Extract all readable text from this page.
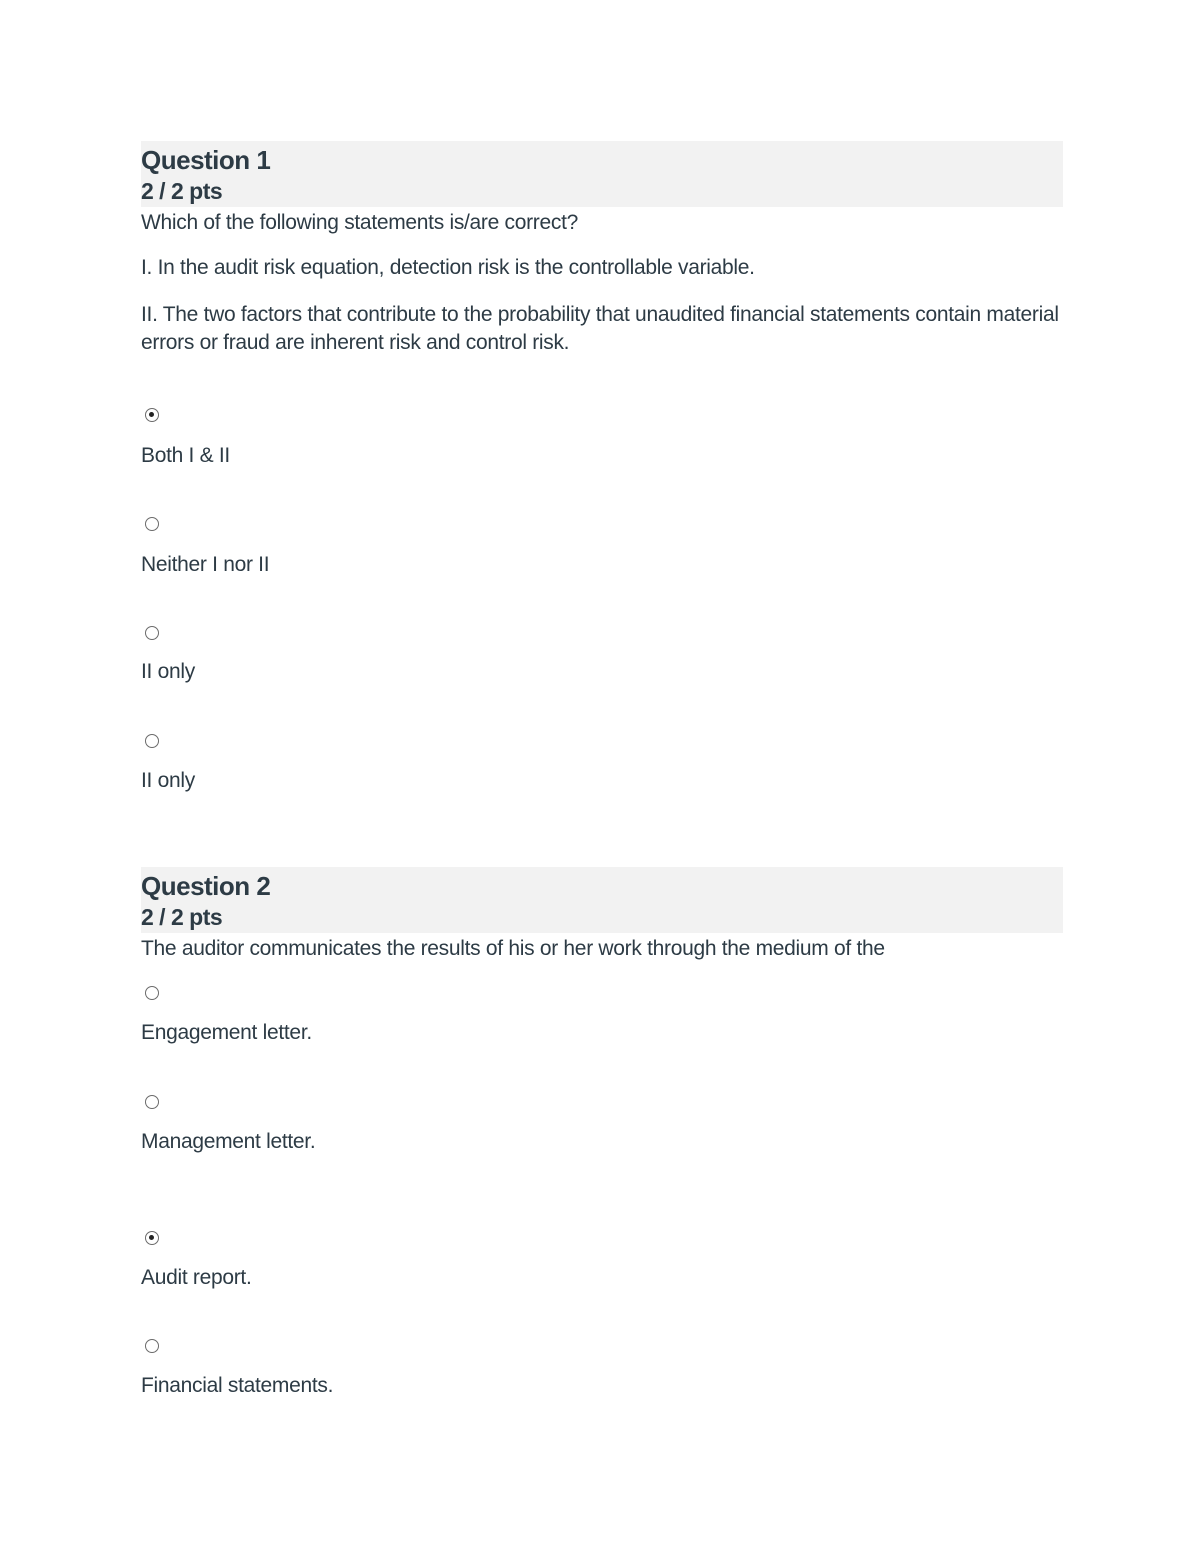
Question 1
2 / 2 pts
Which of the following statements is/are correct?
I. In the audit risk equation, detection risk is the controllable variable.
II. The two factors that contribute to the probability that unaudited financial statements contain material errors or fraud are inherent risk and control risk.
Both I & II
Neither I nor II
II only
II only
Question 2
2 / 2 pts
The auditor communicates the results of his or her work through the medium of the
Engagement letter.
Management letter.
Audit report.
Financial statements.
